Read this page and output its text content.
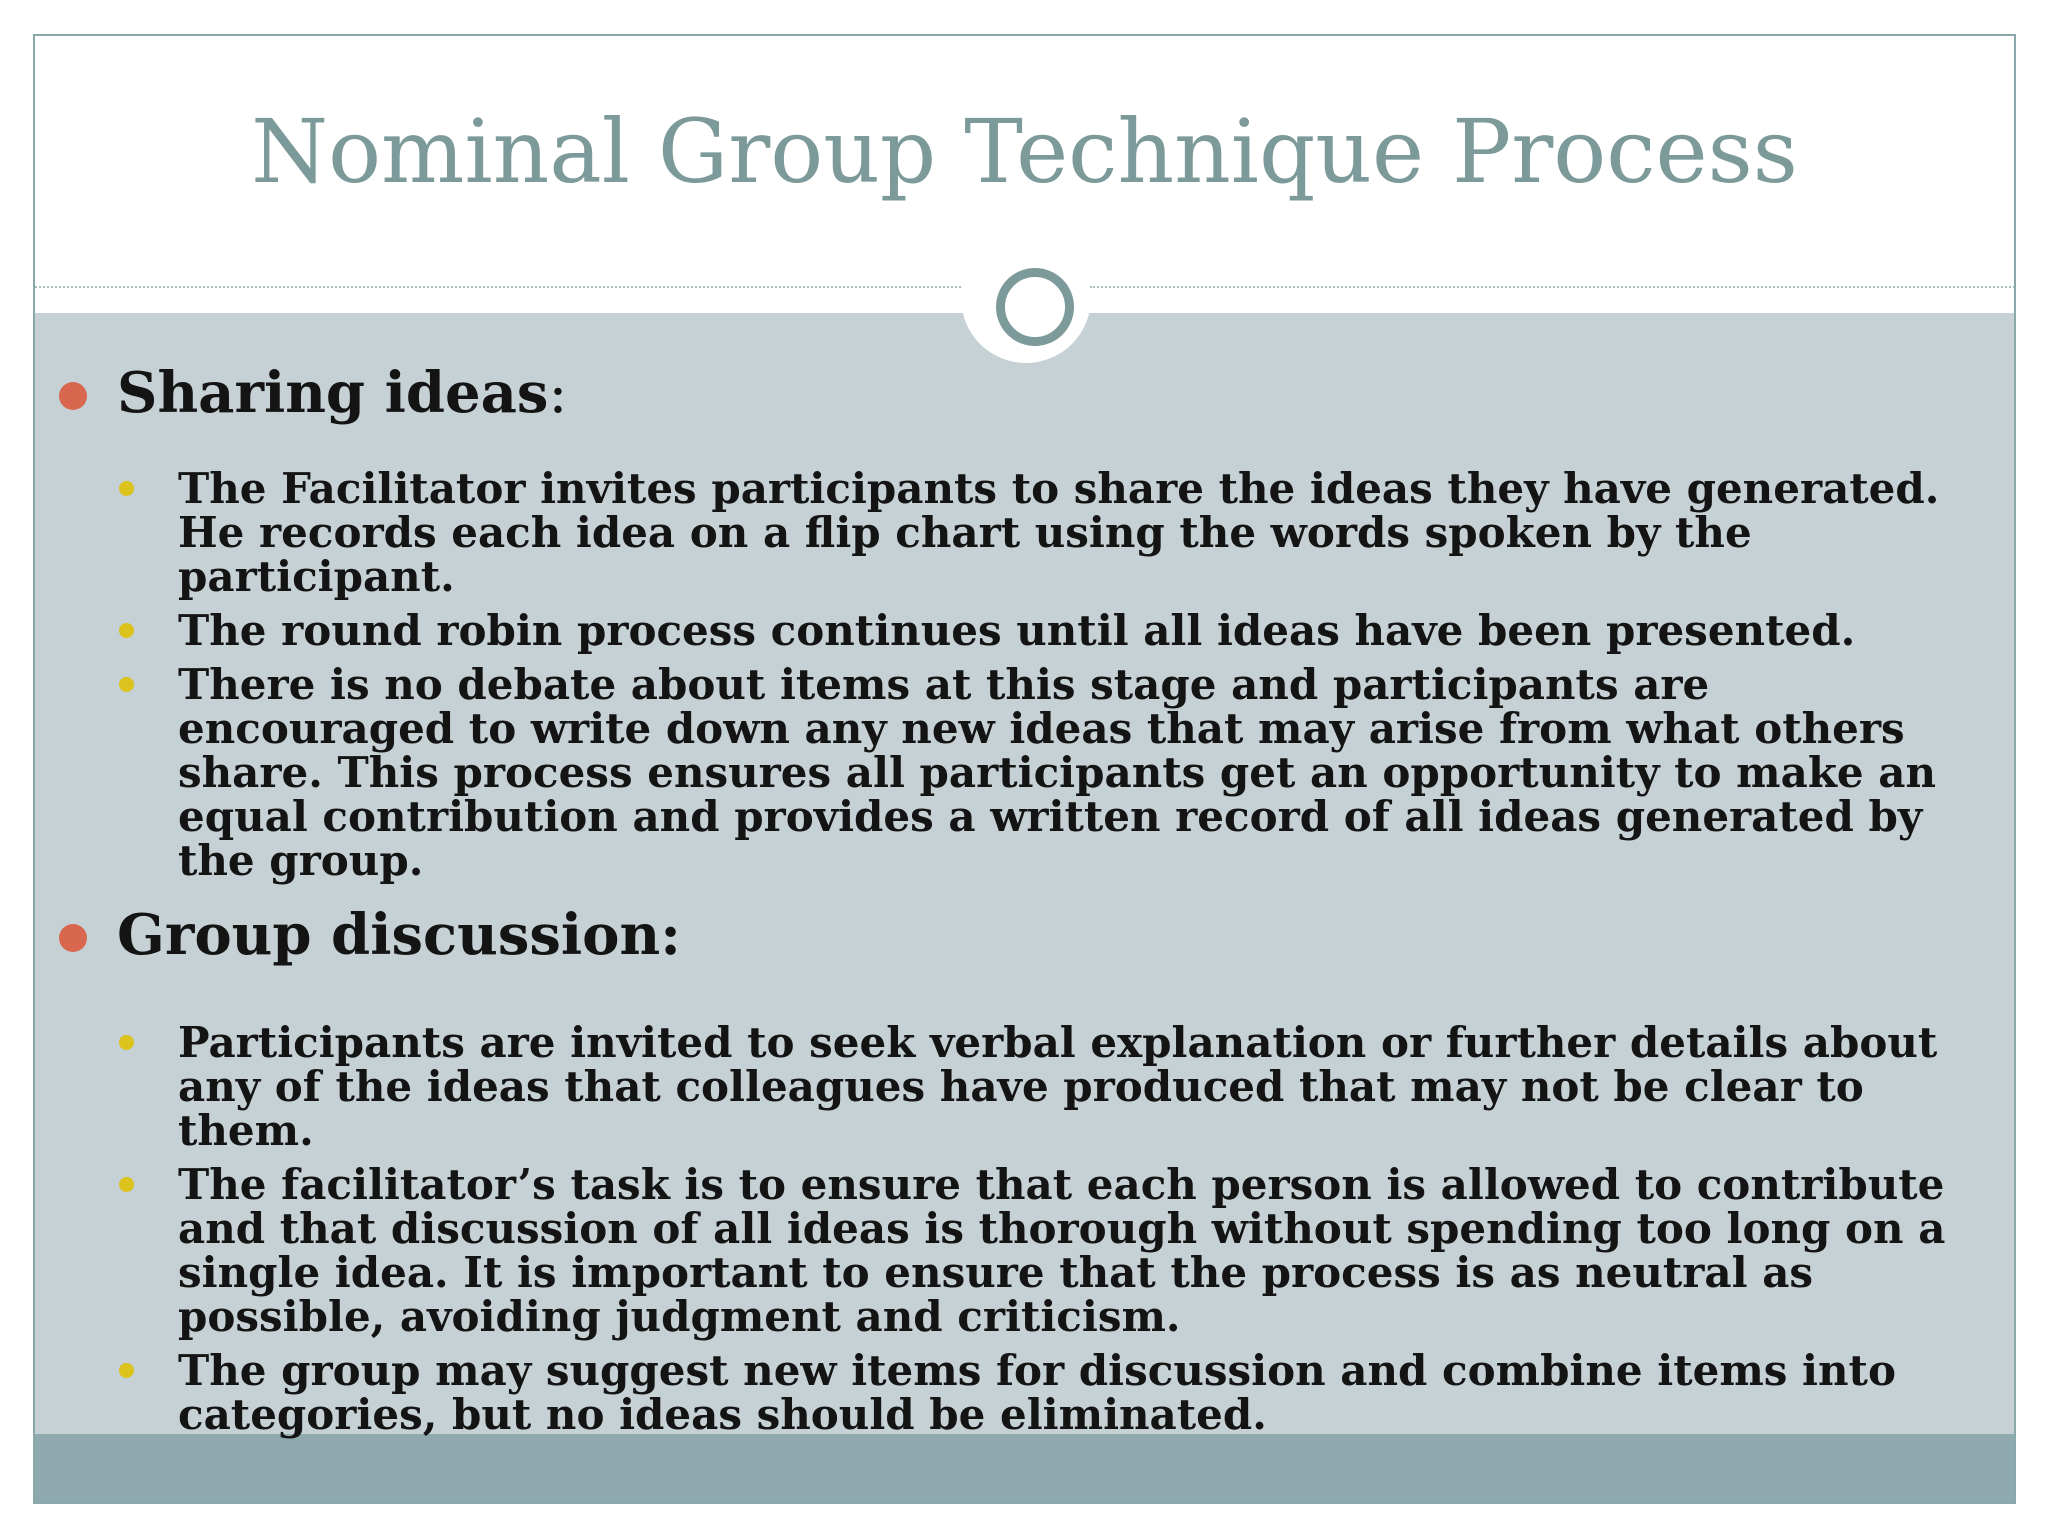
Nominal Group Technique Process
Sharing ideas:
The Facilitator invites participants to share the ideas they have generated. He records each idea on a flip chart using the words spoken by the participant.
The round robin process continues until all ideas have been presented.
There is no debate about items at this stage and participants are encouraged to write down any new ideas that may arise from what others share. This process ensures all participants get an opportunity to make an equal contribution and provides a written record of all ideas generated by the group.
Group discussion:
Participants are invited to seek verbal explanation or further details about any of the ideas that colleagues have produced that may not be clear to them.
The facilitator’s task is to ensure that each person is allowed to contribute and that discussion of all ideas is thorough without spending too long on a single idea. It is important to ensure that the process is as neutral as possible, avoiding judgment and criticism.
The group may suggest new items for discussion and combine items into categories, but no ideas should be eliminated.
